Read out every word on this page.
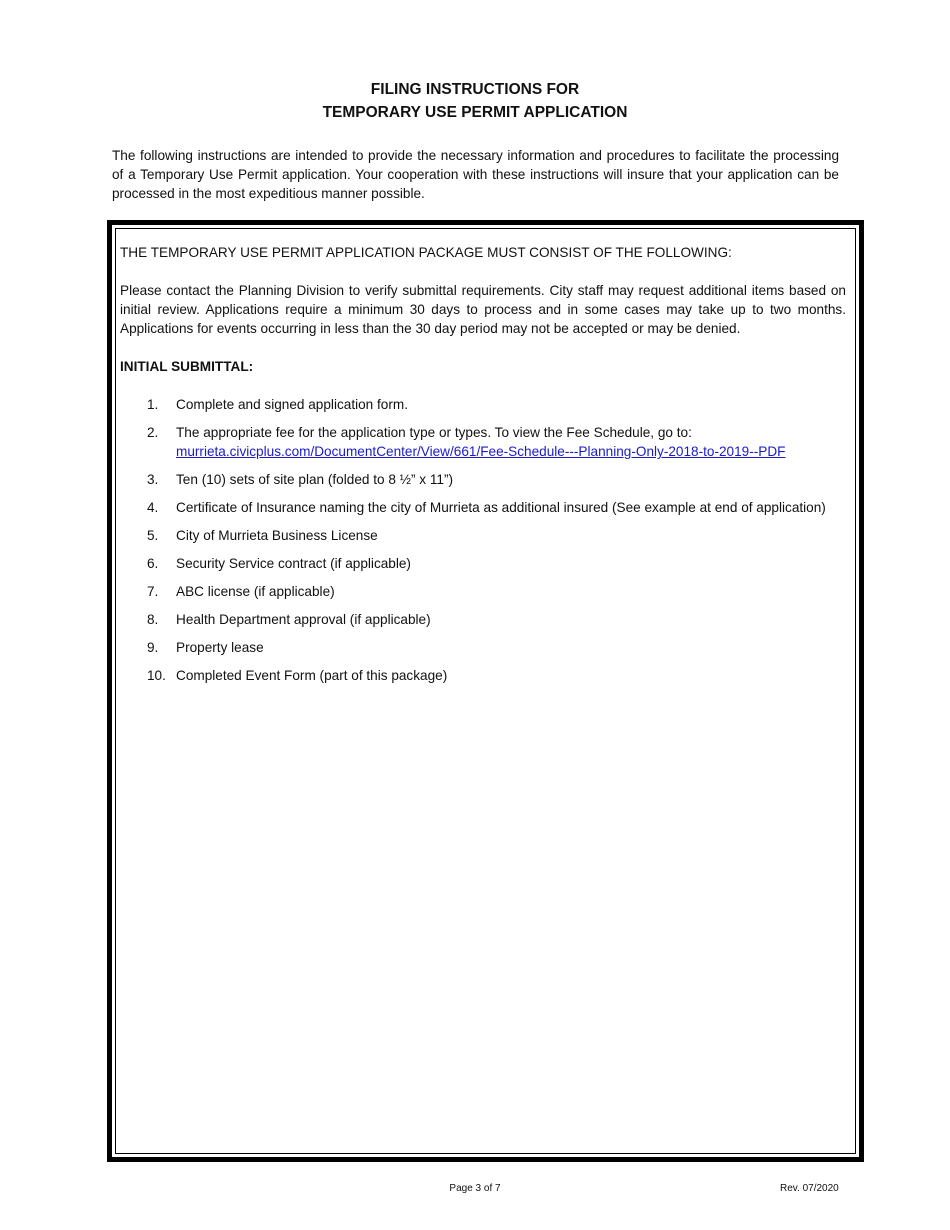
FILING INSTRUCTIONS FOR
TEMPORARY USE PERMIT APPLICATION
The following instructions are intended to provide the necessary information and procedures to facilitate the processing of a Temporary Use Permit application. Your cooperation with these instructions will insure that your application can be processed in the most expeditious manner possible.
THE TEMPORARY USE PERMIT APPLICATION PACKAGE MUST CONSIST OF THE FOLLOWING:
Please contact the Planning Division to verify submittal requirements. City staff may request additional items based on initial review. Applications require a minimum 30 days to process and in some cases may take up to two months. Applications for events occurring in less than the 30 day period may not be accepted or may be denied.
INITIAL SUBMITTAL:
1.	Complete and signed application form.
2.	The appropriate fee for the application type or types. To view the Fee Schedule, go to:
murrieta.civicplus.com/DocumentCenter/View/661/Fee-Schedule---Planning-Only-2018-to-2019--PDF
3.	Ten (10) sets of site plan (folded to 8 ½” x 11”)
4.	Certificate of Insurance naming the city of Murrieta as additional insured (See example at end of application)
5.	City of Murrieta Business License
6.	Security Service contract (if applicable)
7.	ABC license (if applicable)
8.	Health Department approval (if applicable)
9.	Property lease
10. Completed Event Form (part of this package)
Page 3 of 7	Rev. 07/2020
